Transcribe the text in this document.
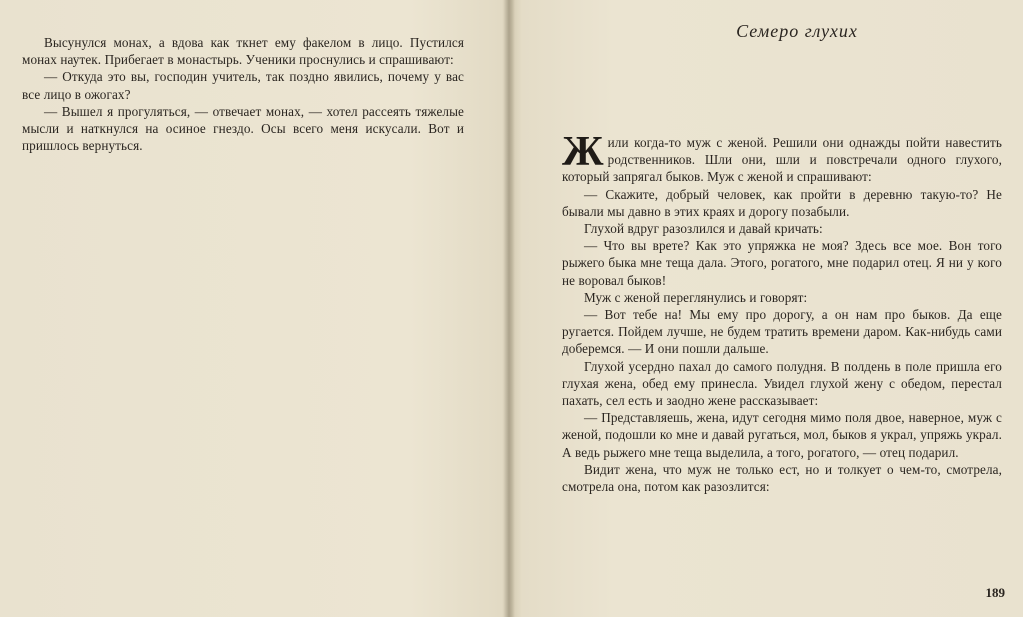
Высунулся монах, а вдова как ткнет ему факелом в лицо. Пустился монах наутек. Прибегает в монастырь. Ученики проснулись и спрашивают:

— Откуда это вы, господин учитель, так поздно явились, почему у вас все лицо в ожогах?

— Вышел я прогуляться, — отвечает монах, — хотел рассеять тяжелые мысли и наткнулся на осиное гнездо. Осы всего меня искусали. Вот и пришлось вернуться.

Семеро глухих

Жили когда-то муж с женой. Решили они однажды пойти навестить родственников. Шли они, шли и повстречали одного глухого, который запрягал быков. Муж с женой и спрашивают:

— Скажите, добрый человек, как пройти в деревню такую-то? Не бывали мы давно в этих краях и дорогу позабыли.

Глухой вдруг разозлился и давай кричать:

— Что вы врете? Как это упряжка не моя? Здесь все мое. Вон того рыжего быка мне теща дала. Этого, рогатого, мне подарил отец. Я ни у кого не воровал быков!

Муж с женой переглянулись и говорят:

— Вот тебе на! Мы ему про дорогу, а он нам про быков. Да еще ругается. Пойдем лучше, не будем тратить времени даром. Как-нибудь сами доберемся. — И они пошли дальше.

Глухой усердно пахал до самого полудня. В полдень в поле пришла его глухая жена, обед ему принесла. Увидел глухой жену с обедом, перестал пахать, сел есть и заодно жене рассказывает:

— Представляешь, жена, идут сегодня мимо поля двое, наверное, муж с женой, подошли ко мне и давай ругаться, мол, быков я украл, упряжь украл. А ведь рыжего мне теща выделила, а того, рогатого, — отец подарил.

Видит жена, что муж не только ест, но и толкует о чем-то, смотрела, смотрела она, потом как разозлится:

189
